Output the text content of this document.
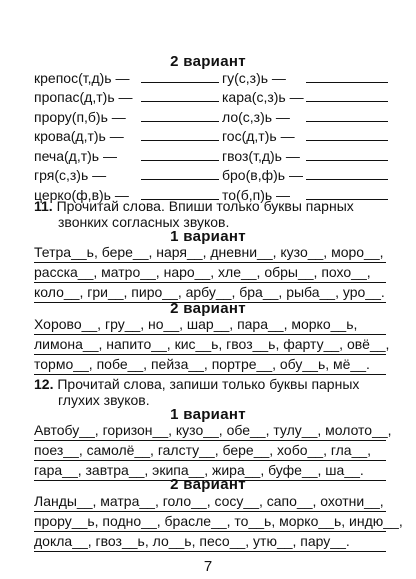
2 вариант
крепос(т,д)ь —
пропас(д,т)ь —
прору(п,б)ь —
крова(д,т)ь —
печа(д,т)ь —
гря(с,з)ь —
церко(ф,в)ь —
гу(с,з)ь —
кара(с,з)ь —
ло(с,з)ь —
гос(д,т)ь —
гвоз(т,д)ь —
бро(в,ф)ь —
то(б,п)ь —
11. Прочитай слова. Впиши только буквы парных звонких согласных звуков.
1 вариант
Тетра__ь, бере__, наря__, дневни__, кузо__, моро__,
расска__, матро__, наро__, хле__, обры__, похо__,
коло__, гри__, пиро__, арбу__, бра__, рыба__, уро__.
2 вариант
Хорово__, гру__, но__, шар__, пара__, морко__ь,
лимона__, напито__, кис__ь, гвоз__ь, фарту__, овё__,
тормо__, побе__, пейза__, портре__, обу__ь, мё__.
12. Прочитай слова, запиши только буквы парных глухих звуков.
1 вариант
Автобу__, горизон__, кузо__, обе__, тулу__, молото__,
поез__, самолё__, галсту__, бере__, хобо__, гла__,
гара__, завтра__, экипа__, жира__, буфе__, ша__.
2 вариант
Ланды__, матра__, голо__, сосу__, сапо__, охотни__,
прору__ь, подно__, брасле__, то__ь, морко__ь, индю__,
докла__, гвоз__ь, ло__ь, песо__, утю__, пару__.
7
